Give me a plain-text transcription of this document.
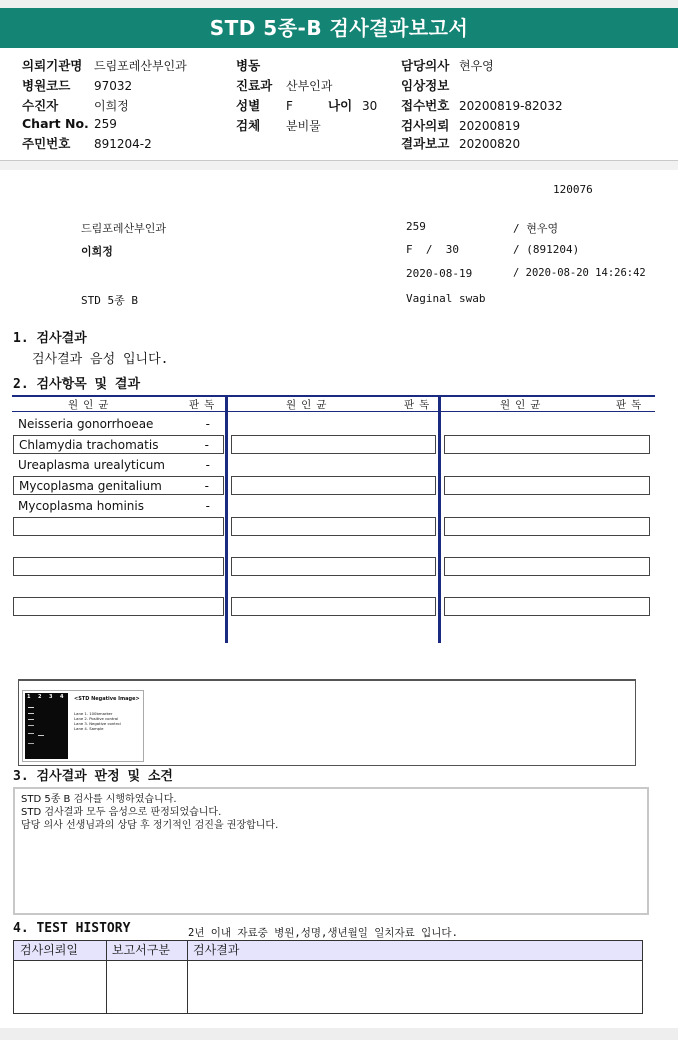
STD 5종-B 검사결과보고서
의뢰기관명 드림포레산부인과
병원코드 97032
수진자	이희정
Chart No. 259
주민번호 891204-2
병동
진료과 산부인과
성별 F	나이 30
검체 분비물
담당의사 현우영
임상정보
접수번호 20200819-82032
검사의뢰 20200819
결과보고 20200820
120076
드림포레산부인과	259	/ 현우영
이희정	F  /  30	/ (891204)
2020-08-19	/ 2020-08-20 14:26:42
STD 5종 B	Vaginal swab
1. 검사결과
검사결과 음성 입니다.
2. 검사항목 및 결과
원인균	판독	원인균	판독	원인균	판독
Neisseria gonorrhoeae	-
Chlamydia trachomatis	-
Ureaplasma urealyticum	-
Mycoplasma genitalium	-
Mycoplasma hominis	-
1 2 3 4 <STD Negative Image>
Lane 1. 100bmarker
Lane 2. Positive control
Lane 3. Negative control
Lane 4. Sample
3. 검사결과 판정 및 소견
STD 5종 B 검사를 시행하였습니다.
STD 검사결과 모두 음성으로 판정되었습니다.
담당 의사 선생님과의 상담 후 정기적인 검진을 권장합니다.
4. TEST HISTORY	2년 이내 자료중 병원,성명,생년월일 일치자료 입니다.
검사의뢰일	보고서구분	검사결과
